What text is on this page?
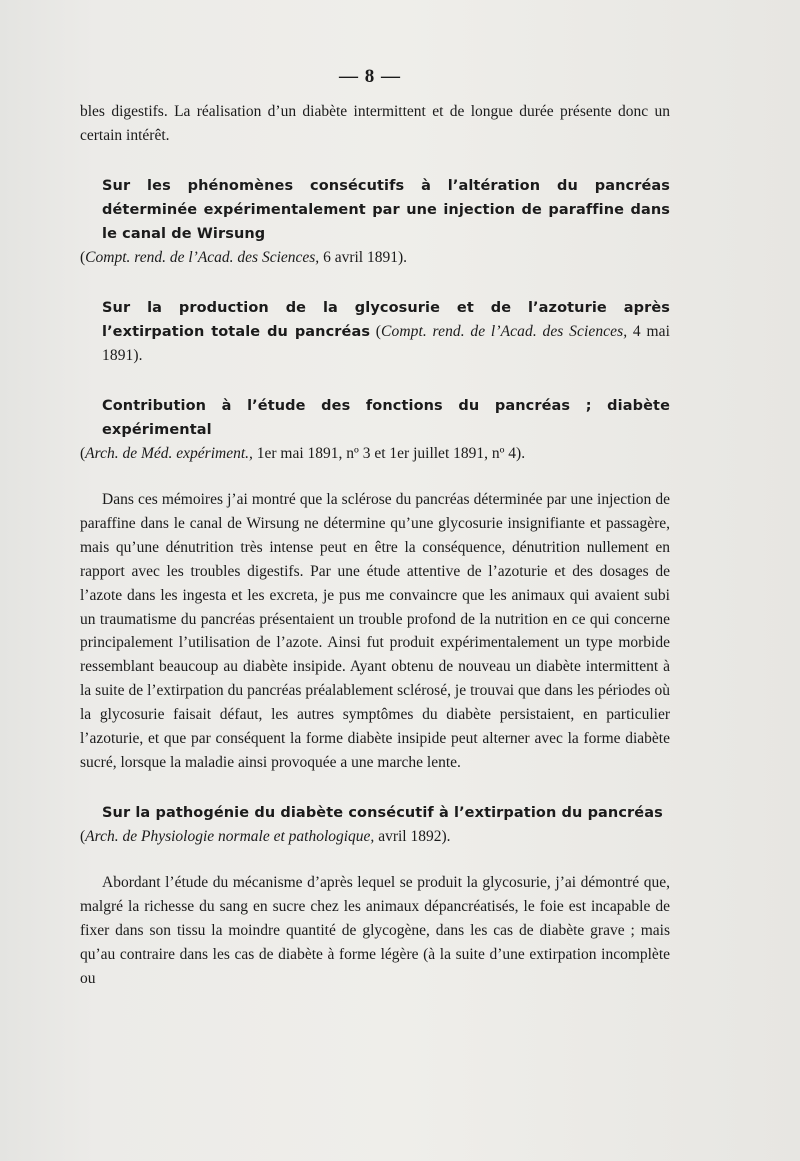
— 8 —

bles digestifs. La réalisation d’un diabète intermittent et de longue durée présente donc un certain intérêt.

Sur les phénomènes consécutifs à l’altération du pancréas déterminée expérimentalement par une injection de paraffine dans le canal de Wirsung

(Compt. rend. de l’Acad. des Sciences, 6 avril 1891).

Sur la production de la glycosurie et de l’azoturie après l’extirpation totale du pancréas (Compt. rend. de l’Acad. des Sciences, 4 mai 1891).

Contribution à l’étude des fonctions du pancréas ; diabète expérimental

(Arch. de Méd. expériment., 1er mai 1891, nº 3 et 1er juillet 1891, nº 4).

Dans ces mémoires j’ai montré que la sclérose du pancréas déterminée par une injection de paraffine dans le canal de Wirsung ne détermine qu’une glycosurie insignifiante et passagère, mais qu’une dénutrition très intense peut en être la conséquence, dénutrition nullement en rapport avec les troubles digestifs. Par une étude attentive de l’azoturie et des dosages de l’azote dans les ingesta et les excreta, je pus me convaincre que les animaux qui avaient subi un traumatisme du pancréas présentaient un trouble profond de la nutrition en ce qui concerne principalement l’utilisation de l’azote. Ainsi fut produit expérimentalement un type morbide ressemblant beaucoup au diabète insipide. Ayant obtenu de nouveau un diabète intermittent à la suite de l’extirpation du pancréas préalablement sclérosé, je trouvai que dans les périodes où la glycosurie faisait défaut, les autres symptômes du diabète persistaient, en particulier l’azoturie, et que par conséquent la forme diabète insipide peut alterner avec la forme diabète sucré, lorsque la maladie ainsi provoquée a une marche lente.

Sur la pathogénie du diabète consécutif à l’extirpation du pancréas

(Arch. de Physiologie normale et pathologique, avril 1892).

Abordant l’étude du mécanisme d’après lequel se produit la glycosurie, j’ai démontré que, malgré la richesse du sang en sucre chez les animaux dépancréatisés, le foie est incapable de fixer dans son tissu la moindre quantité de glycogène, dans les cas de diabète grave ; mais qu’au contraire dans les cas de diabète à forme légère (à la suite d’une extirpation incomplète ou
